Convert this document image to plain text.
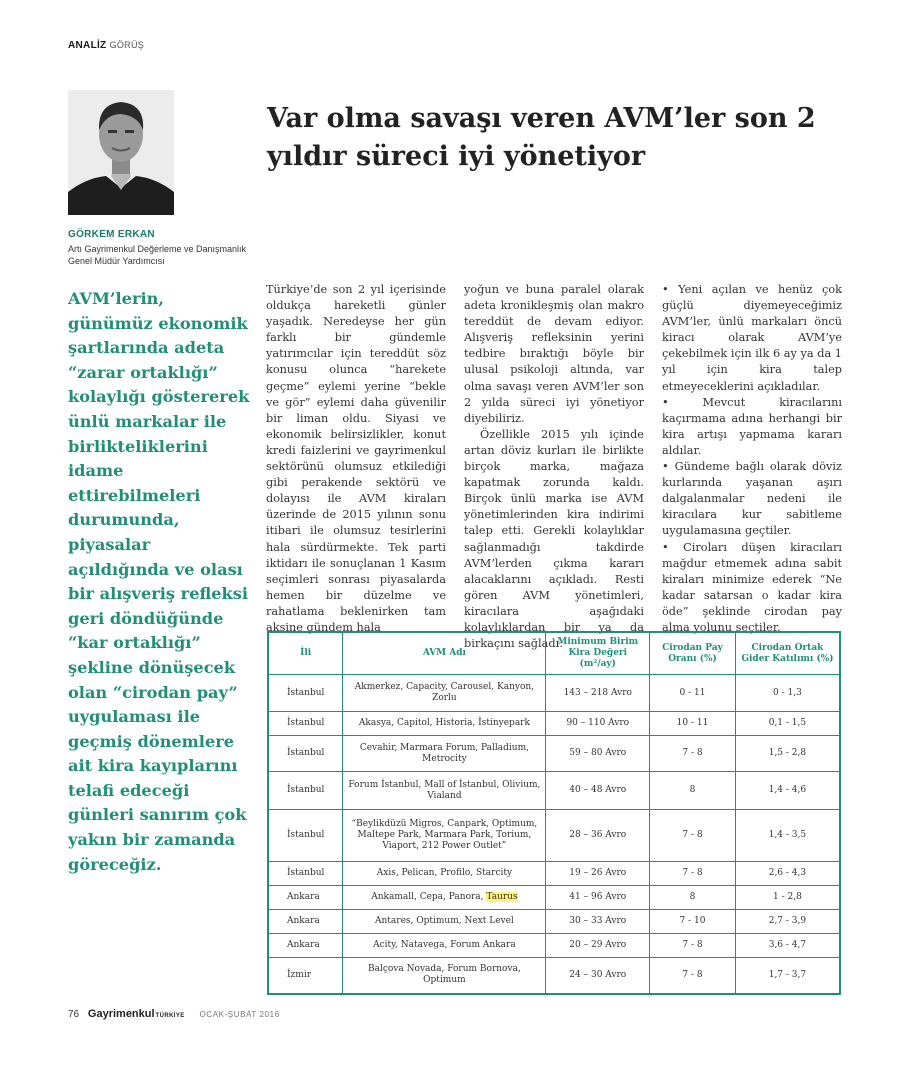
ANALİZ GÖRÜŞ
GÖRKEM ERKAN
Artı Gayrimenkul Değerleme ve Danışmanlık
Genel Müdür Yardımcısı
Var olma savaşı veren AVM’ler son 2 yıldır süreci iyi yönetiyor
AVM’lerin, günümüz ekonomik şartlarında adeta “zarar ortaklığı” kolaylığı göstererek ünlü markalar ile birlikteliklerini idame ettirebilmeleri durumunda, piyasalar açıldığında ve olası bir alışveriş refleksi geri döndüğünde “kar ortaklığı” şekline dönüşecek olan “cirodan pay” uygulaması ile geçmiş dönemlere ait kira kayıplarını telafi edeceği günleri sanırım çok yakın bir zamanda göreceğiz.

Türkiye’de son 2 yıl içerisinde oldukça hareketli günler yaşadık. Neredeyse her gün farklı bir gündemle yatırımcılar için tereddüt söz konusu olunca “harekete geçme” eylemi yerine “bekle ve gör” eylemi daha güvenilir bir liman oldu. Siyasi ve ekonomik belirsizlikler, konut kredi faizlerini ve gayrimenkul sektörünü olumsuz etkilediği gibi perakende sektörü ve dolayısı ile AVM kiraları üzerinde de 2015 yılının sonu itibari ile olumsuz tesirlerini hala sürdürmekte. Tek parti iktidarı ile sonuçlanan 1 Kasım seçimleri sonrası piyasalarda hemen bir düzelme ve rahatlama beklenirken tam aksine gündem hala

yoğun ve buna paralel olarak adeta kronikleşmiş olan makro tereddüt de devam ediyor. Alışveriş refleksinin yerini tedbire bıraktığı böyle bir ulusal psikoloji altında, var olma savaşı veren AVM’ler son 2 yılda süreci iyi yönetiyor diyebiliriz.

Özellikle 2015 yılı içinde artan döviz kurları ile birlikte birçok marka, mağaza kapatmak zorunda kaldı. Birçok ünlü marka ise AVM yönetimlerinden kira indirimi talep etti. Gerekli kolaylıklar sağlanmadığı takdirde AVM’lerden çıkma kararı alacaklarını açıkladı. Resti gören AVM yönetimleri, kiracılara aşağıdaki kolaylıklardan bir ya da birkaçını sağladı:

• Yeni açılan ve henüz çok güçlü diyemeyeceğimiz AVM’ler, ünlü markaları öncü kiracı olarak AVM’ye çekebilmek için ilk 6 ay ya da 1 yıl için kira talep etmeyeceklerini açıkladılar.

• Mevcut kiracılarını kaçırmama adına herhangi bir kira artışı yapmama kararı aldılar.

• Gündeme bağlı olarak döviz kurlarında yaşanan aşırı dalgalanmalar nedeni ile kiracılara kur sabitleme uygulamasına geçtiler.

• Ciroları düşen kiracıları mağdur etmemek adına sabit kiraları minimize ederek “Ne kadar satarsan o kadar kira öde” şeklinde cirodan pay alma yolunu seçtiler.

İli	AVM Adı	Minimum Birim Kira Değeri (m²/ay)	Cirodan Pay Oranı (%)	Cirodan Ortak Gider Katılımı (%)
İstanbul	Akmerkez, Capacity, Carousel, Kanyon, Zorlu	143 – 218 Avro	0 - 11	0 - 1,3
İstanbul	Akasya, Capitol, Historia, İstinyepark	90 – 110 Avro	10 - 11	0,1 - 1,5
İstanbul	Cevahir, Marmara Forum, Palladium, Metrocity	59 – 80 Avro	7 - 8	1,5 - 2,8
İstanbul	Forum İstanbul, Mall of İstanbul, Olivium, Vialand	40 – 48 Avro	8	1,4 - 4,6
İstanbul	“Beylikdüzü Migros, Canpark, Optimum, Maltepe Park, Marmara Park, Torium, Viaport, 212 Power Outlet”	28 – 36 Avro	7 - 8	1,4 - 3,5
İstanbul	Axis, Pelican, Profilo, Starcity	19 – 26 Avro	7 - 8	2,6 - 4,3
Ankara	Ankamall, Cepa, Panora, Taurus	41 – 96 Avro	8	1 - 2,8
Ankara	Antares, Optimum, Next Level	30 – 33 Avro	7 - 10	2,7 - 3,9
Ankara	Acity, Natavega, Forum Ankara	20 – 29 Avro	7 - 8	3,6 - 4,7
İzmir	Balçova Novada, Forum Bornova, Optimum	24 – 30 Avro	7 - 8	1,7 - 3,7
76 GayrimenkulTÜRKİYE OCAK-ŞUBAT 2016
